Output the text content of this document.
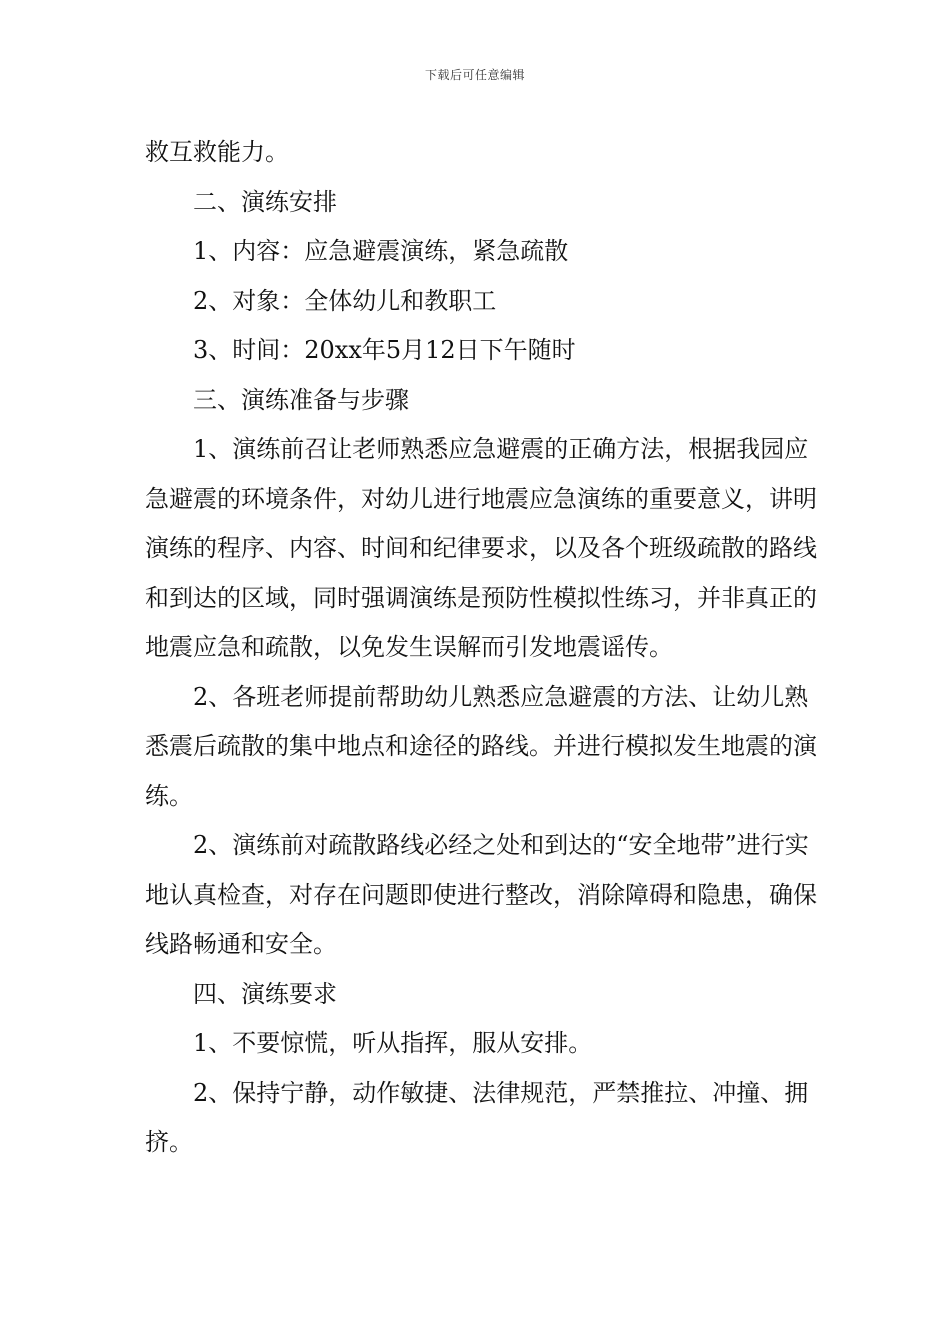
下载后可任意编辑

救互救能力。

二、演练安排

1、内容：应急避震演练，紧急疏散

2、对象：全体幼儿和教职工

3、时间：20xx年5月12日下午随时

三、演练准备与步骤

1、演练前召让老师熟悉应急避震的正确方法，根据我园应急避震的环境条件，对幼儿进行地震应急演练的重要意义，讲明演练的程序、内容、时间和纪律要求，以及各个班级疏散的路线和到达的区域，同时强调演练是预防性模拟性练习，并非真正的地震应急和疏散，以免发生误解而引发地震谣传。

2、各班老师提前帮助幼儿熟悉应急避震的方法、让幼儿熟悉震后疏散的集中地点和途径的路线。并进行模拟发生地震的演练。

2、演练前对疏散路线必经之处和到达的“安全地带”进行实地认真检查，对存在问题即使进行整改，消除障碍和隐患，确保线路畅通和安全。

四、演练要求

1、不要惊慌，听从指挥，服从安排。

2、保持宁静，动作敏捷、法律规范，严禁推拉、冲撞、拥挤。
